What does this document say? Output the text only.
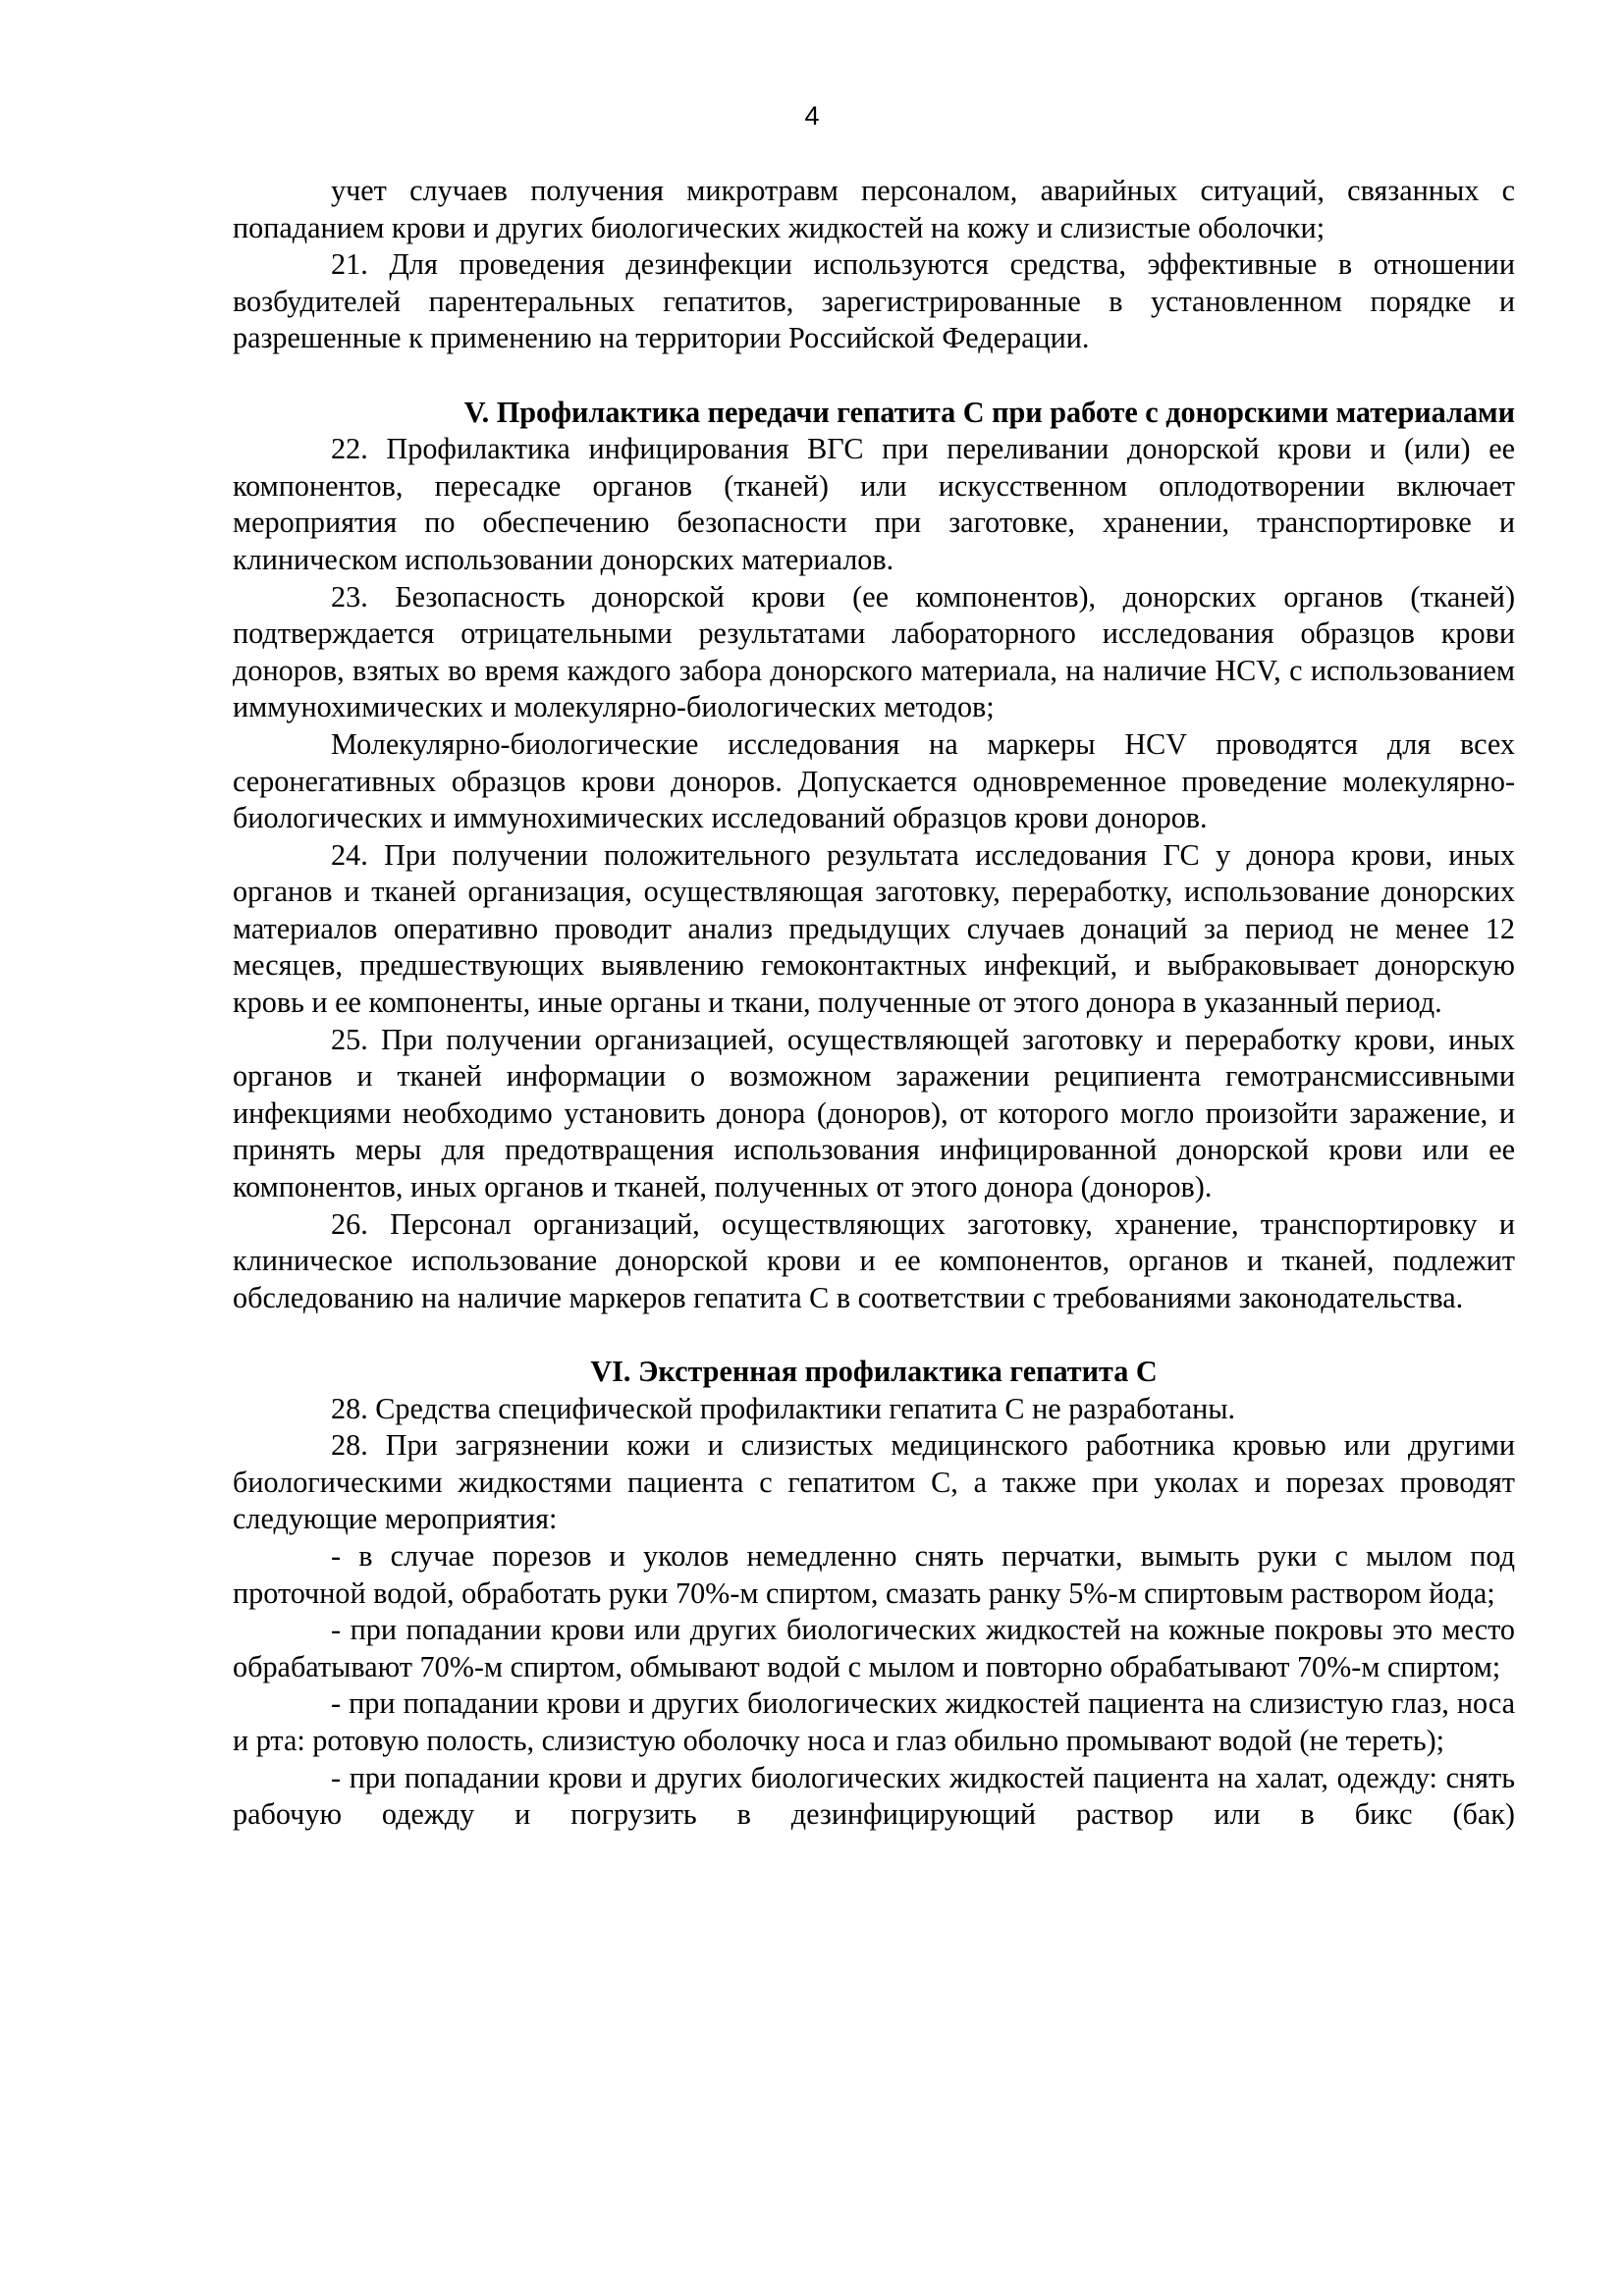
4

учет случаев получения микротравм персоналом, аварийных ситуаций, связанных с попаданием крови и других биологических жидкостей на кожу и слизистые оболочки;

21. Для проведения дезинфекции используются средства, эффективные в отношении возбудителей парентеральных гепатитов, зарегистрированные в установленном порядке и разрешенные к применению на территории Российской Федерации.

V. Профилактика передачи гепатита С при работе с донорскими материалами

22. Профилактика инфицирования ВГС при переливании донорской крови и (или) ее компонентов, пересадке органов (тканей) или искусственном оплодотворении включает мероприятия по обеспечению безопасности при заготовке, хранении, транспортировке и клиническом использовании донорских материалов.

23. Безопасность донорской крови (ее компонентов), донорских органов (тканей) подтверждается отрицательными результатами лабораторного исследования образцов крови доноров, взятых во время каждого забора донорского материала, на наличие HCV, с использованием иммунохимических и молекулярно-биологических методов;

Молекулярно-биологические исследования на маркеры HCV проводятся для всех серонегативных образцов крови доноров. Допускается одновременное проведение молекулярно-биологических и иммунохимических исследований образцов крови доноров.

24. При получении положительного результата исследования ГС у донора крови, иных органов и тканей организация, осуществляющая заготовку, переработку, использование донорских материалов оперативно проводит анализ предыдущих случаев донаций за период не менее 12 месяцев, предшествующих выявлению гемоконтактных инфекций, и выбраковывает донорскую кровь и ее компоненты, иные органы и ткани, полученные от этого донора в указанный период.

25. При получении организацией, осуществляющей заготовку и переработку крови, иных органов и тканей информации о возможном заражении реципиента гемотрансмиссивными инфекциями необходимо установить донора (доноров), от которого могло произойти заражение, и принять меры для предотвращения использования инфицированной донорской крови или ее компонентов, иных органов и тканей, полученных от этого донора (доноров).

26. Персонал организаций, осуществляющих заготовку, хранение, транспортировку и клиническое использование донорской крови и ее компонентов, органов и тканей, подлежит обследованию на наличие маркеров гепатита С в соответствии с требованиями законодательства.

VI. Экстренная профилактика гепатита С

28. Средства специфической профилактики гепатита С не разработаны.

28. При загрязнении кожи и слизистых медицинского работника кровью или другими биологическими жидкостями пациента с гепатитом С, а также при уколах и порезах проводят следующие мероприятия:

- в случае порезов и уколов немедленно снять перчатки, вымыть руки с мылом под проточной водой, обработать руки 70%-м спиртом, смазать ранку 5%-м спиртовым раствором йода;

- при попадании крови или других биологических жидкостей на кожные покровы это место обрабатывают 70%-м спиртом, обмывают водой с мылом и повторно обрабатывают 70%-м спиртом;

- при попадании крови и других биологических жидкостей пациента на слизистую глаз, носа и рта: ротовую полость, слизистую оболочку носа и глаз обильно промывают водой (не тереть);

- при попадании крови и других биологических жидкостей пациента на халат, одежду: снять рабочую одежду и погрузить в дезинфицирующий раствор или в бикс (бак)
